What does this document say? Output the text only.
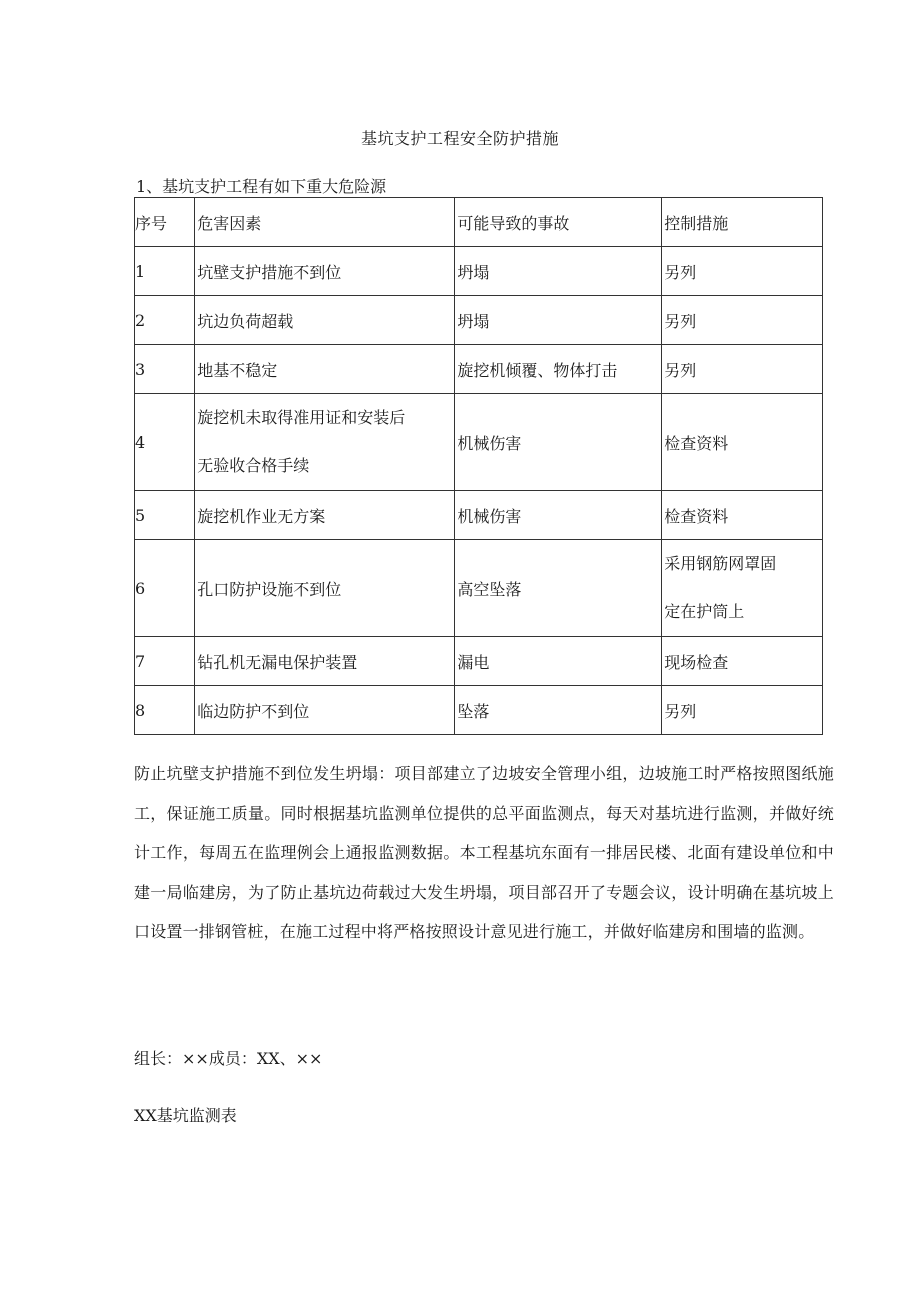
基坑支护工程安全防护措施
1、基坑支护工程有如下重大危险源
序号	危害因素	可能导致的事故	控制措施
1	坑壁支护措施不到位	坍塌	另列
2	坑边负荷超载	坍塌	另列
3	地基不稳定	旋挖机倾覆、物体打击	另列
4	旋挖机未取得准用证和安装后
无验收合格手续	机械伤害	检查资料
5	旋挖机作业无方案	机械伤害	检查资料
6	孔口防护设施不到位	高空坠落	采用钢筋网罩固
定在护筒上

7	钻孔机无漏电保护装置	漏电	现场检查
8	临边防护不到位	坠落	另列
防止坑壁支护措施不到位发生坍塌：项目部建立了边坡安全管理小组，边坡施工时严格按照图纸施工，保证施工质量。同时根据基坑监测单位提供的总平面监测点，每天对基坑进行监测，并做好统计工作，每周五在监理例会上通报监测数据。本工程基坑东面有一排居民楼、北面有建设单位和中建一局临建房，为了防止基坑边荷载过大发生坍塌，项目部召开了专题会议，设计明确在基坑坡上口设置一排钢管桩，在施工过程中将严格按照设计意见进行施工，并做好临建房和围墙的监测。
组长：××成员：XX、××
XX基坑监测表
